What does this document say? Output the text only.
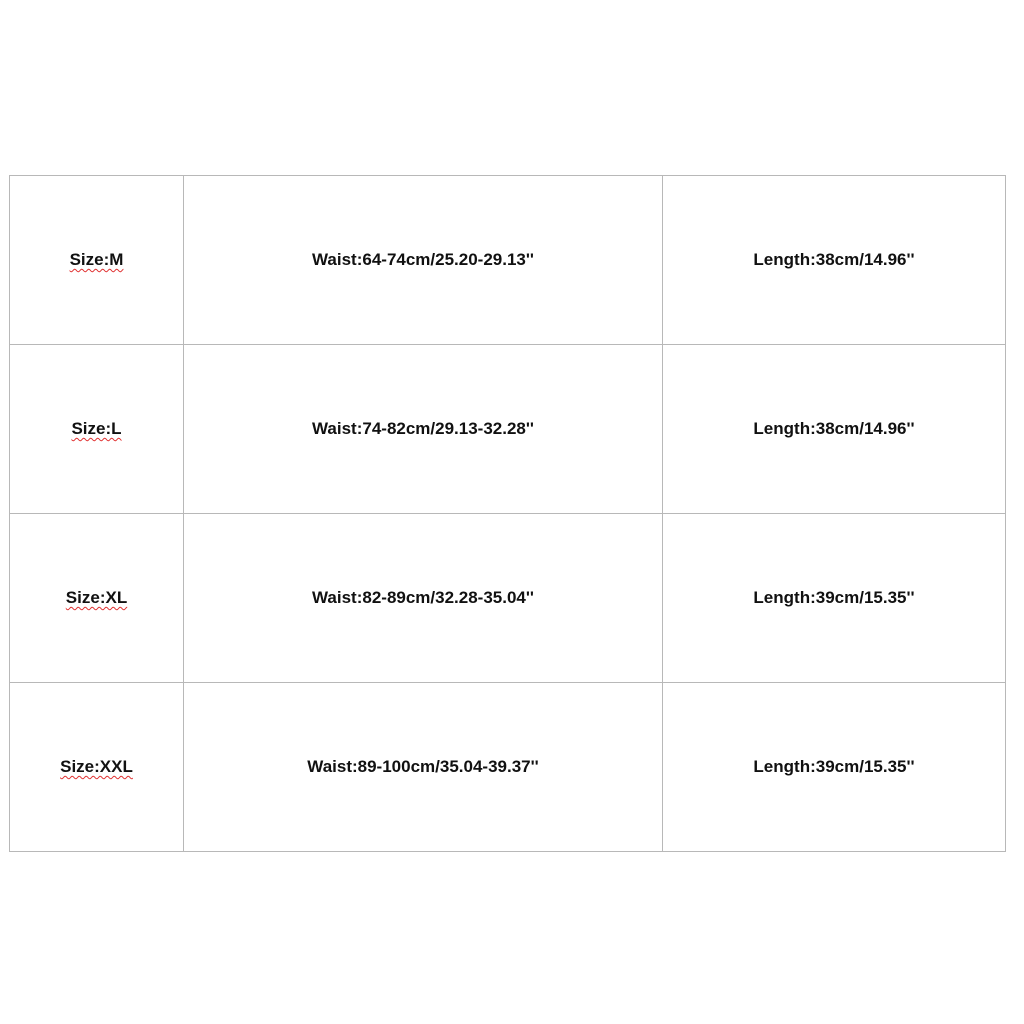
Size:M	Waist:64-74cm/25.20-29.13''	Length:38cm/14.96''
Size:L	Waist:74-82cm/29.13-32.28''	Length:38cm/14.96''
Size:XL	Waist:82-89cm/32.28-35.04''	Length:39cm/15.35''
Size:XXL	Waist:89-100cm/35.04-39.37''	Length:39cm/15.35''
